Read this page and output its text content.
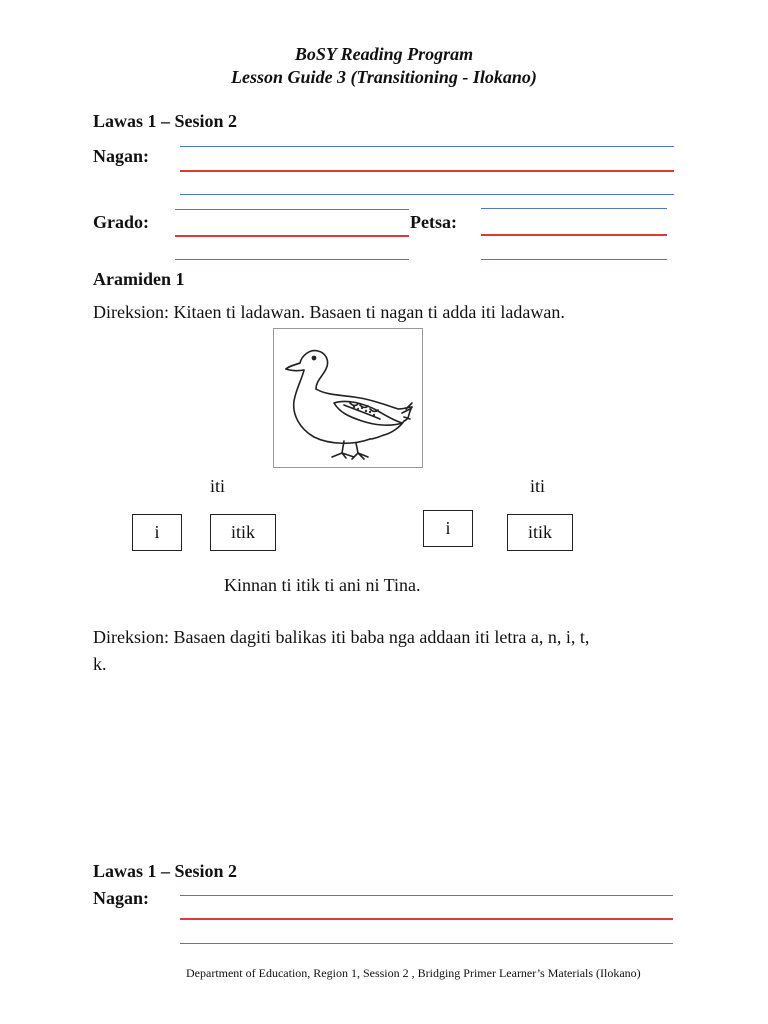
BoSY Reading Program
Lesson Guide 3 (Transitioning - Ilokano)
Lawas 1 – Sesion 2
Nagan:
Grado:	Petsa:
Aramiden 1
Direksion: Kitaen ti ladawan. Basaen ti nagan ti adda iti ladawan.
iti	iti
i	itik	i	itik
Kinnan ti itik ti ani ni Tina.
Direksion: Basaen dagiti balikas iti baba nga addaan iti letra a, n, i, t,
k.
Lawas 1 – Sesion 2
Nagan:
Department of Education, Region 1, Session 2 , Bridging Primer Learner’s Materials (Ilokano)
